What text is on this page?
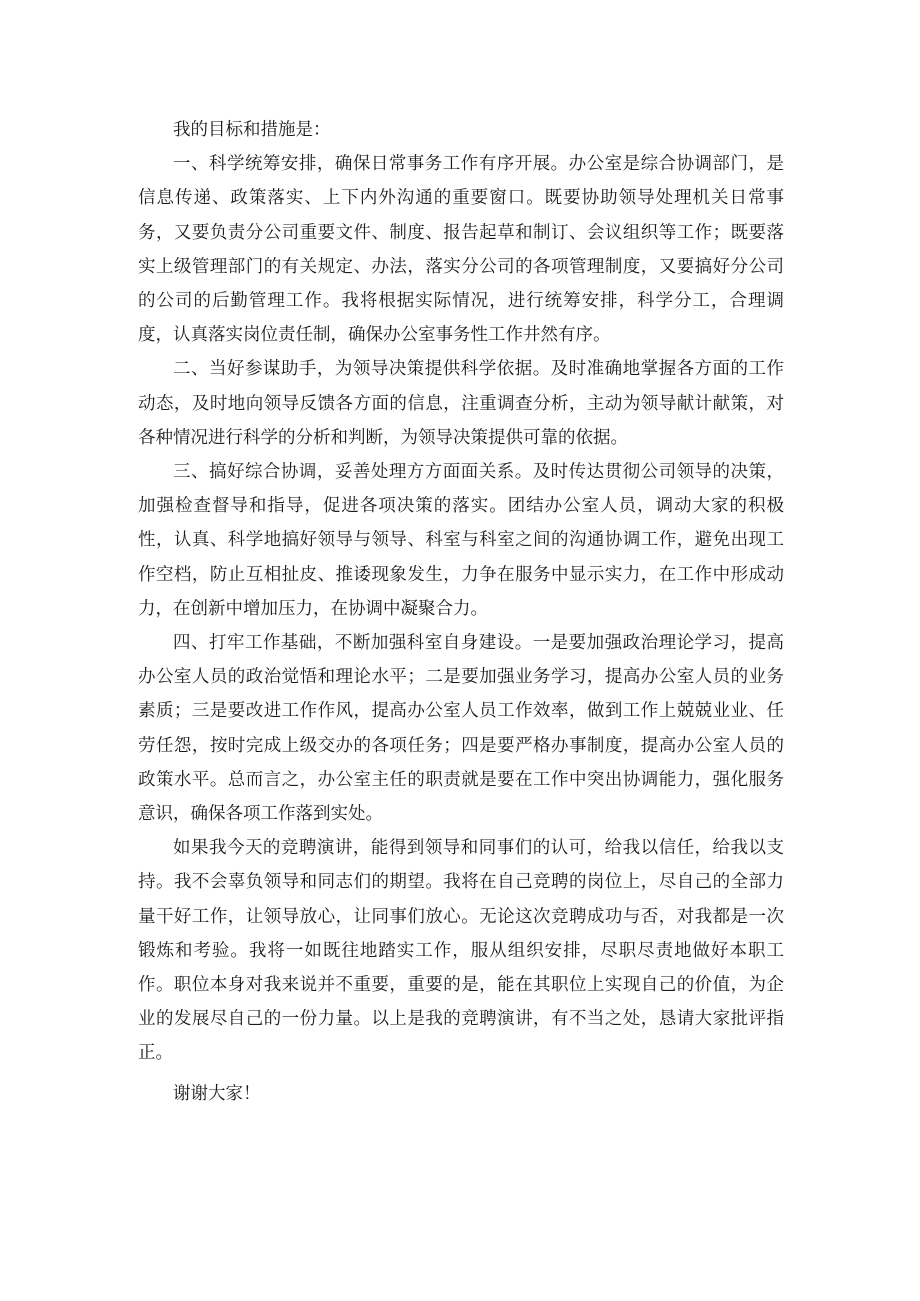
我的目标和措施是：

一、科学统筹安排，确保日常事务工作有序开展。办公室是综合协调部门，是信息传递、政策落实、上下内外沟通的重要窗口。既要协助领导处理机关日常事务，又要负责分公司重要文件、制度、报告起草和制订、会议组织等工作；既要落实上级管理部门的有关规定、办法，落实分公司的各项管理制度，又要搞好分公司的公司的后勤管理工作。我将根据实际情况，进行统筹安排，科学分工，合理调度，认真落实岗位责任制，确保办公室事务性工作井然有序。

二、当好参谋助手，为领导决策提供科学依据。及时准确地掌握各方面的工作动态，及时地向领导反馈各方面的信息，注重调查分析，主动为领导献计献策，对各种情况进行科学的分析和判断，为领导决策提供可靠的依据。

三、搞好综合协调，妥善处理方方面面关系。及时传达贯彻公司领导的决策，加强检查督导和指导，促进各项决策的落实。团结办公室人员，调动大家的积极性，认真、科学地搞好领导与领导、科室与科室之间的沟通协调工作，避免出现工作空档，防止互相扯皮、推诿现象发生，力争在服务中显示实力，在工作中形成动力，在创新中增加压力，在协调中凝聚合力。

四、打牢工作基础，不断加强科室自身建设。一是要加强政治理论学习，提高办公室人员的政治觉悟和理论水平；二是要加强业务学习，提高办公室人员的业务素质；三是要改进工作作风，提高办公室人员工作效率，做到工作上兢兢业业、任劳任怨，按时完成上级交办的各项任务；四是要严格办事制度，提高办公室人员的政策水平。总而言之，办公室主任的职责就是要在工作中突出协调能力，强化服务意识，确保各项工作落到实处。

如果我今天的竞聘演讲，能得到领导和同事们的认可，给我以信任，给我以支持。我不会辜负领导和同志们的期望。我将在自己竞聘的岗位上，尽自己的全部力量干好工作，让领导放心，让同事们放心。无论这次竞聘成功与否，对我都是一次锻炼和考验。我将一如既往地踏实工作，服从组织安排，尽职尽责地做好本职工作。职位本身对我来说并不重要，重要的是，能在其职位上实现自己的价值，为企业的发展尽自己的一份力量。以上是我的竞聘演讲，有不当之处，恳请大家批评指正。

谢谢大家！
